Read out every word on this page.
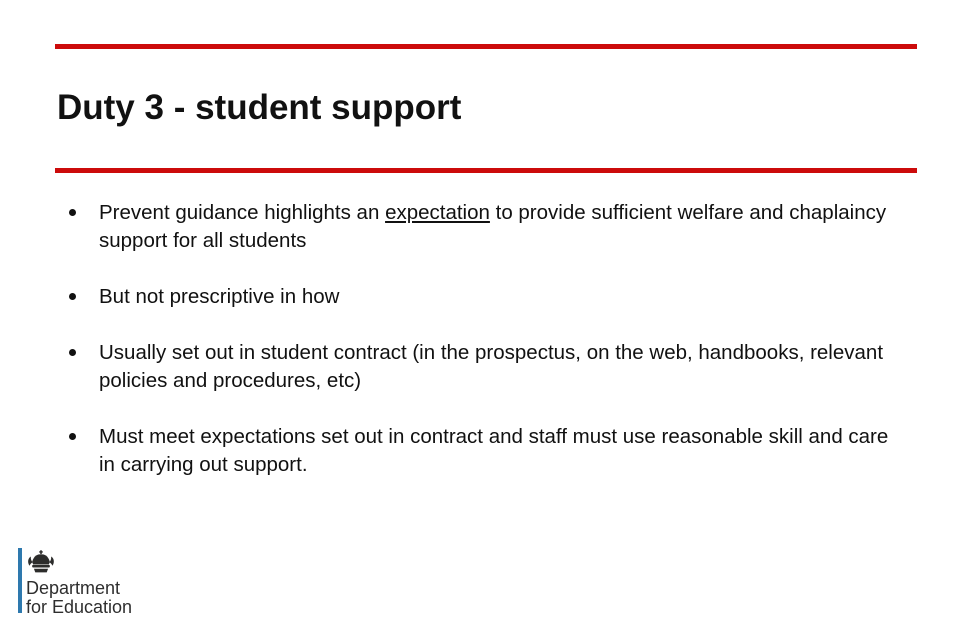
Duty 3 - student support
Prevent guidance highlights an expectation to provide sufficient welfare and chaplaincy support for all students
But not prescriptive in how
Usually set out in student contract (in the prospectus, on the web, handbooks, relevant policies and procedures, etc)
Must meet expectations set out in contract and staff must use reasonable skill and care in carrying out support.
Department
for Education
